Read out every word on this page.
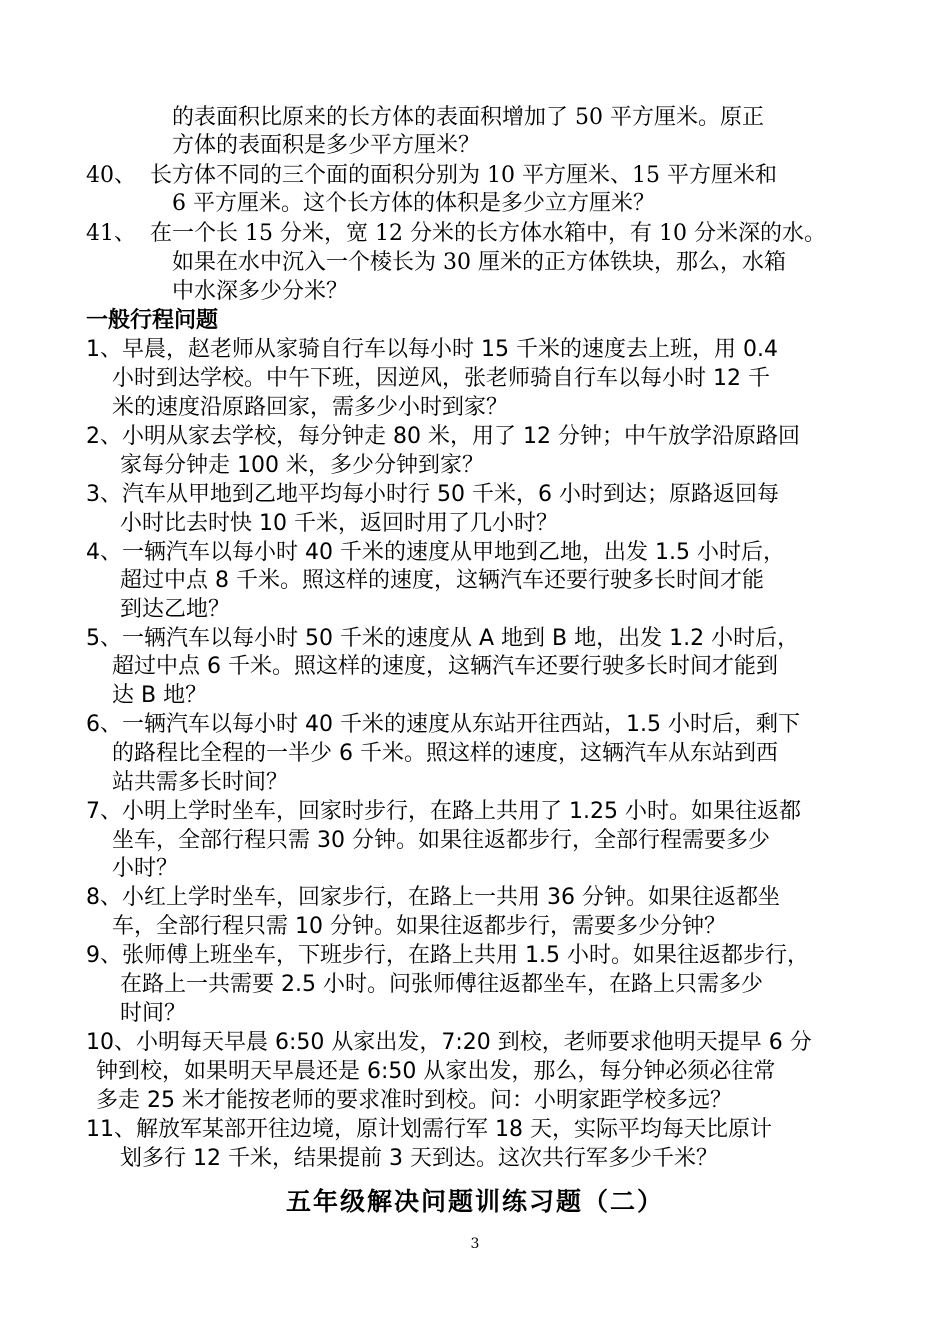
的表面积比原来的长方体的表面积增加了 50 平方厘米。原正
方体的表面积是多少平方厘米？
40、 长方体不同的三个面的面积分别为 10 平方厘米、15 平方厘米和
6 平方厘米。这个长方体的体积是多少立方厘米？
41、 在一个长 15 分米，宽 12 分米的长方体水箱中，有 10 分米深的水。
如果在水中沉入一个棱长为 30 厘米的正方体铁块，那么，水箱
中水深多少分米？
一般行程问题
1、早晨，赵老师从家骑自行车以每小时 15 千米的速度去上班，用 0.4
小时到达学校。中午下班，因逆风，张老师骑自行车以每小时 12 千
米的速度沿原路回家，需多少小时到家？
2、小明从家去学校，每分钟走 80 米，用了 12 分钟；中午放学沿原路回
家每分钟走 100 米，多少分钟到家？
3、汽车从甲地到乙地平均每小时行 50 千米，6 小时到达；原路返回每
小时比去时快 10 千米，返回时用了几小时？
4、一辆汽车以每小时 40 千米的速度从甲地到乙地，出发 1.5 小时后，
超过中点 8 千米。照这样的速度，这辆汽车还要行驶多长时间才能
到达乙地？
5、一辆汽车以每小时 50 千米的速度从 A 地到 B 地，出发 1.2 小时后，
超过中点 6 千米。照这样的速度，这辆汽车还要行驶多长时间才能到
达 B 地？
6、一辆汽车以每小时 40 千米的速度从东站开往西站，1.5 小时后，剩下
的路程比全程的一半少 6 千米。照这样的速度，这辆汽车从东站到西
站共需多长时间？
7、小明上学时坐车，回家时步行，在路上共用了 1.25 小时。如果往返都
坐车，全部行程只需 30 分钟。如果往返都步行，全部行程需要多少
小时？
8、小红上学时坐车，回家步行，在路上一共用 36 分钟。如果往返都坐
车，全部行程只需 10 分钟。如果往返都步行，需要多少分钟？
9、张师傅上班坐车，下班步行，在路上共用 1.5 小时。如果往返都步行，
在路上一共需要 2.5 小时。问张师傅往返都坐车，在路上只需多少
时间？
10、小明每天早晨 6:50 从家出发，7:20 到校，老师要求他明天提早 6 分
钟到校，如果明天早晨还是 6:50 从家出发，那么，每分钟必须必往常
多走 25 米才能按老师的要求准时到校。问：小明家距学校多远？
11、解放军某部开往边境，原计划需行军 18 天，实际平均每天比原计
划多行 12 千米，结果提前 3 天到达。这次共行军多少千米？
五年级解决问题训练习题（二）
3
